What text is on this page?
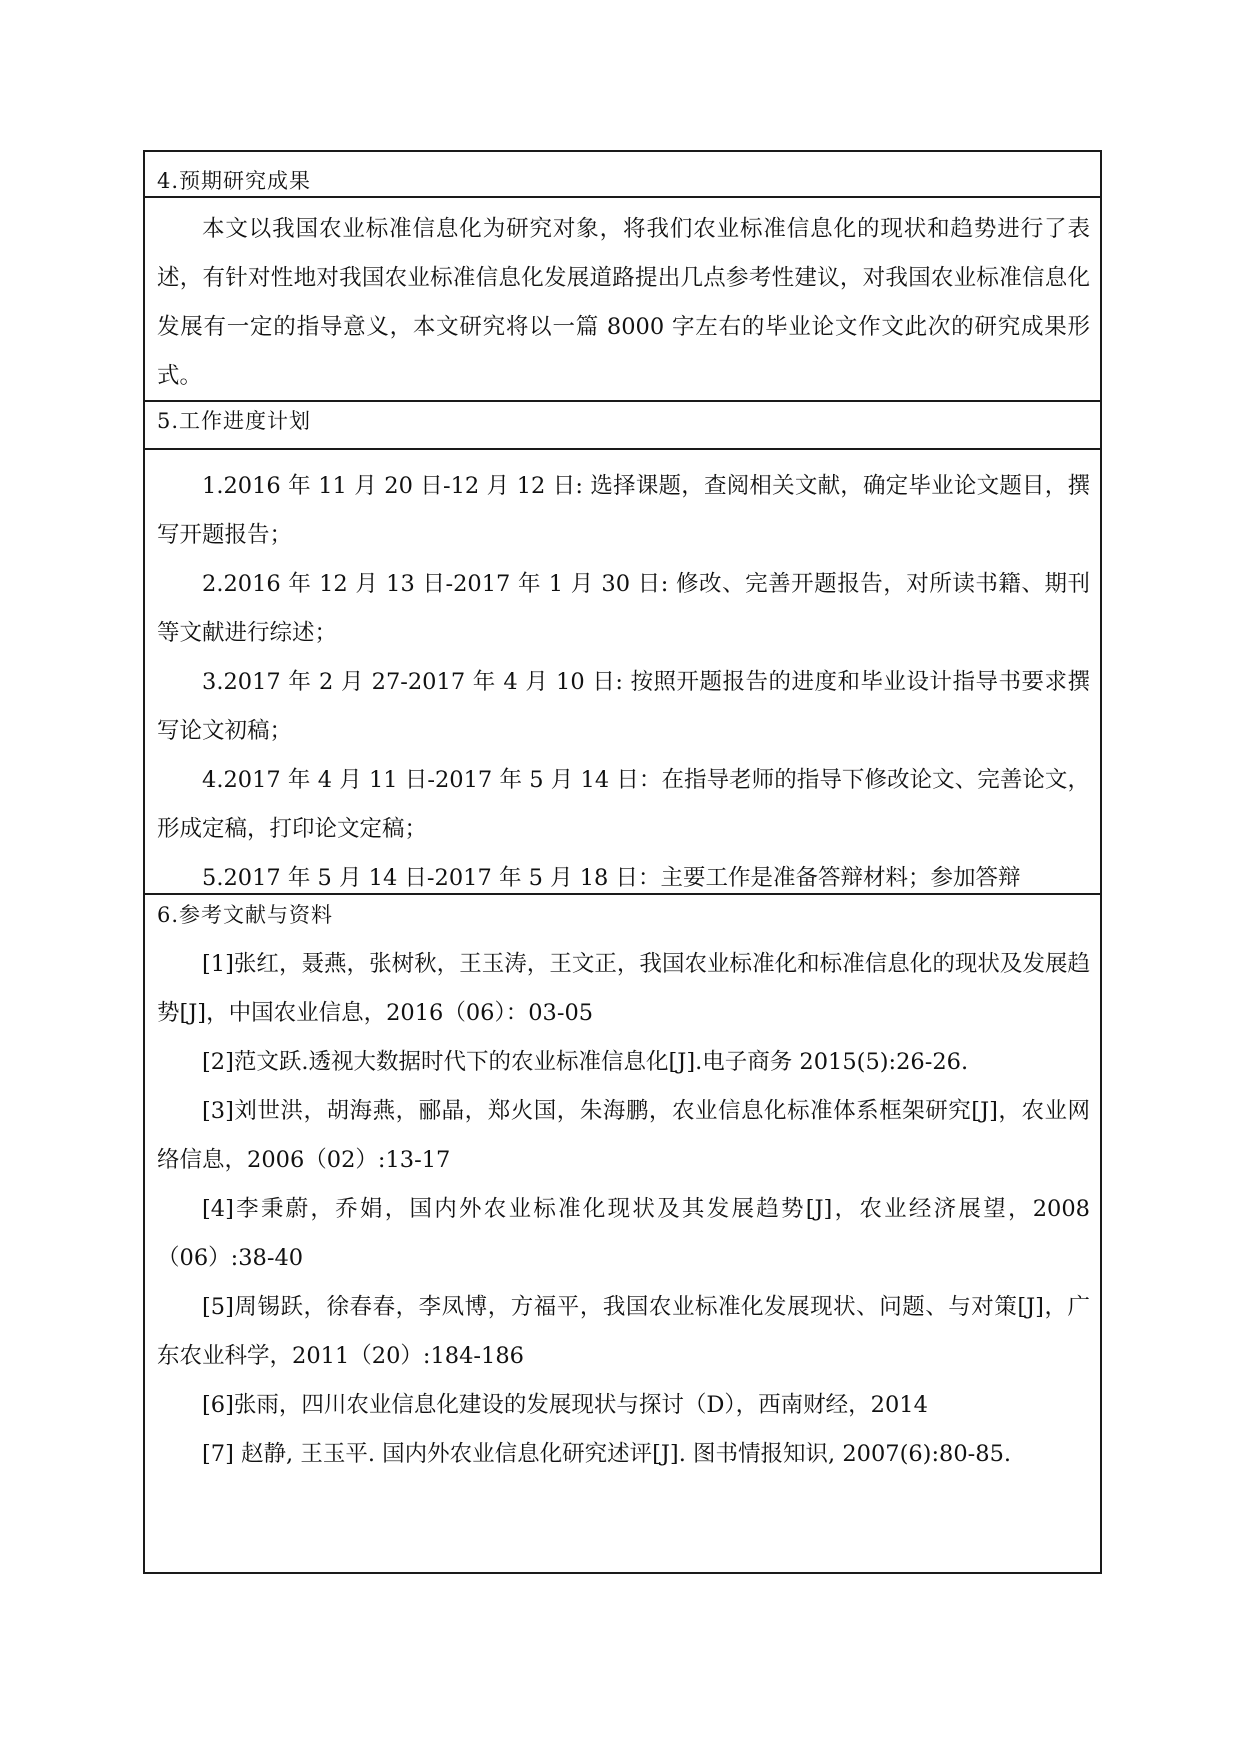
4.预期研究成果

本文以我国农业标准信息化为研究对象，将我们农业标准信息化的现状和趋势进行了表述，有针对性地对我国农业标准信息化发展道路提出几点参考性建议，对我国农业标准信息化发展有一定的指导意义，本文研究将以一篇 8000 字左右的毕业论文作文此次的研究成果形式。

5.工作进度计划

1.2016 年 11 月 20 日-12 月 12 日: 选择课题，查阅相关文献，确定毕业论文题目，撰写开题报告；

2.2016 年 12 月 13 日-2017 年 1 月 30 日: 修改、完善开题报告，对所读书籍、期刊等文献进行综述；

3.2017 年 2 月 27-2017 年 4 月 10 日: 按照开题报告的进度和毕业设计指导书要求撰写论文初稿；

4.2017 年 4 月 11 日-2017 年 5 月 14 日：在指导老师的指导下修改论文、完善论文，形成定稿，打印论文定稿；

5.2017 年 5 月 14 日-2017 年 5 月 18 日：主要工作是准备答辩材料；参加答辩

6.参考文献与资料

[1]张红，聂燕，张树秋，王玉涛，王文正，我国农业标准化和标准信息化的现状及发展趋势[J]，中国农业信息，2016（06）：03-05

[2]范文跃.透视大数据时代下的农业标准信息化[J].电子商务 2015(5):26-26.

[3]刘世洪，胡海燕，郦晶，郑火国，朱海鹏，农业信息化标准体系框架研究[J]，农业网络信息，2006（02）:13-17

[4]李秉蔚，乔娟，国内外农业标准化现状及其发展趋势[J]，农业经济展望，2008（06）:38-40

[5]周锡跃，徐春春，李凤博，方福平，我国农业标准化发展现状、问题、与对策[J]，广东农业科学，2011（20）:184-186

[6]张雨，四川农业信息化建设的发展现状与探讨（D），西南财经，2014

[7] 赵静, 王玉平. 国内外农业信息化研究述评[J]. 图书情报知识, 2007(6):80-85.
